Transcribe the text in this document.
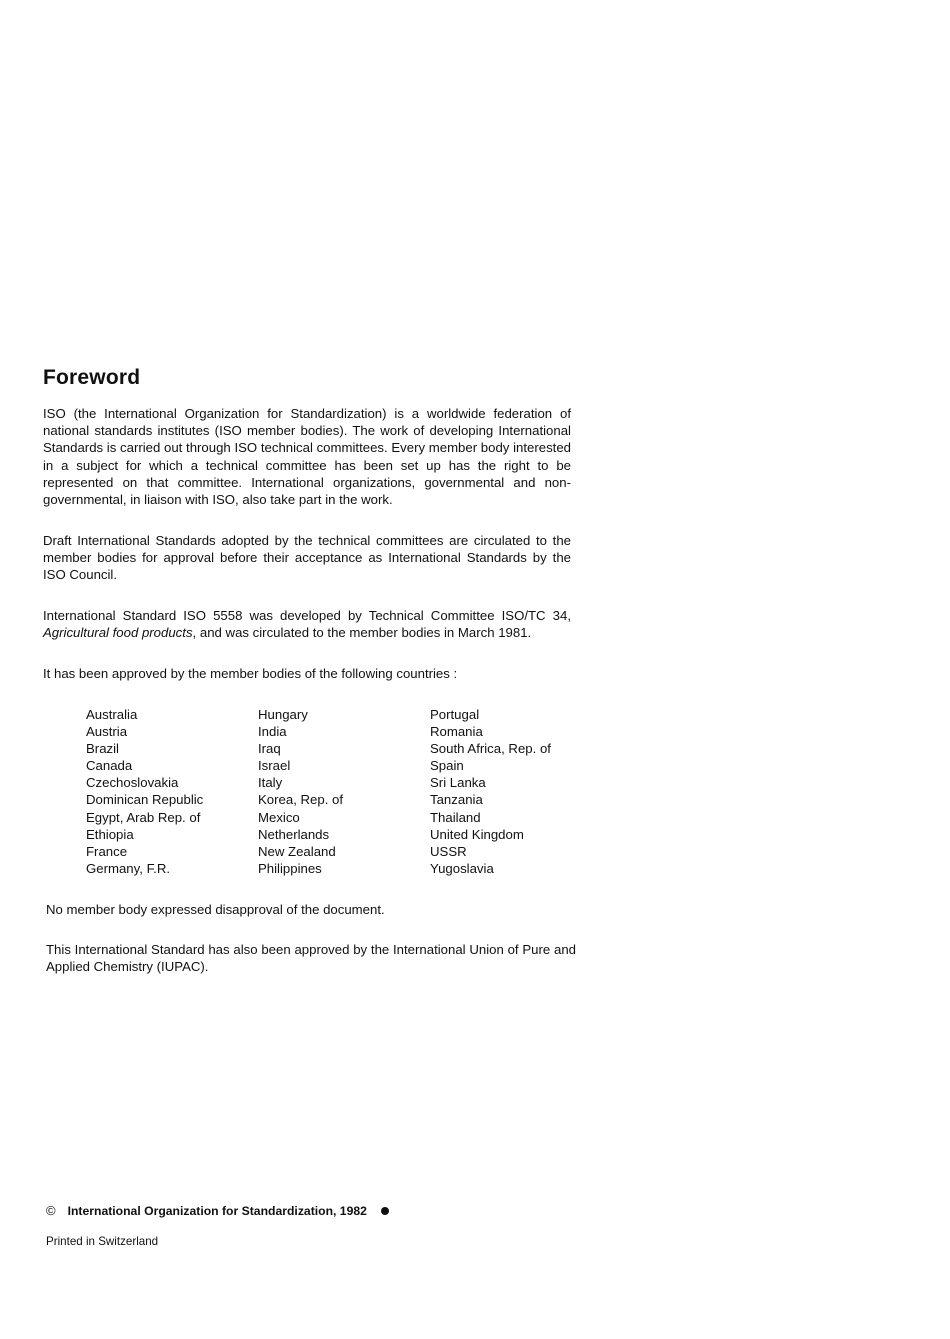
Foreword

ISO (the International Organization for Standardization) is a worldwide federation of national standards institutes (ISO member bodies). The work of developing International Standards is carried out through ISO technical committees. Every member body interested in a subject for which a technical committee has been set up has the right to be represented on that committee. International organizations, governmental and non-governmental, in liaison with ISO, also take part in the work.

Draft International Standards adopted by the technical committees are circulated to the member bodies for approval before their acceptance as International Standards by the ISO Council.

International Standard ISO 5558 was developed by Technical Committee ISO/TC 34, Agricultural food products, and was circulated to the member bodies in March 1981.

It has been approved by the member bodies of the following countries :

Australia
Austria
Brazil
Canada
Czechoslovakia
Dominican Republic
Egypt, Arab Rep. of
Ethiopia
France
Germany, F.R.
Hungary
India
Iraq
Israel
Italy
Korea, Rep. of
Mexico
Netherlands
New Zealand
Philippines
Portugal
Romania
South Africa, Rep. of
Spain
Sri Lanka
Tanzania
Thailand
United Kingdom
USSR
Yugoslavia

No member body expressed disapproval of the document.

This International Standard has also been approved by the International Union of Pure and Applied Chemistry (IUPAC).

© International Organization for Standardization, 1982
Printed in Switzerland
